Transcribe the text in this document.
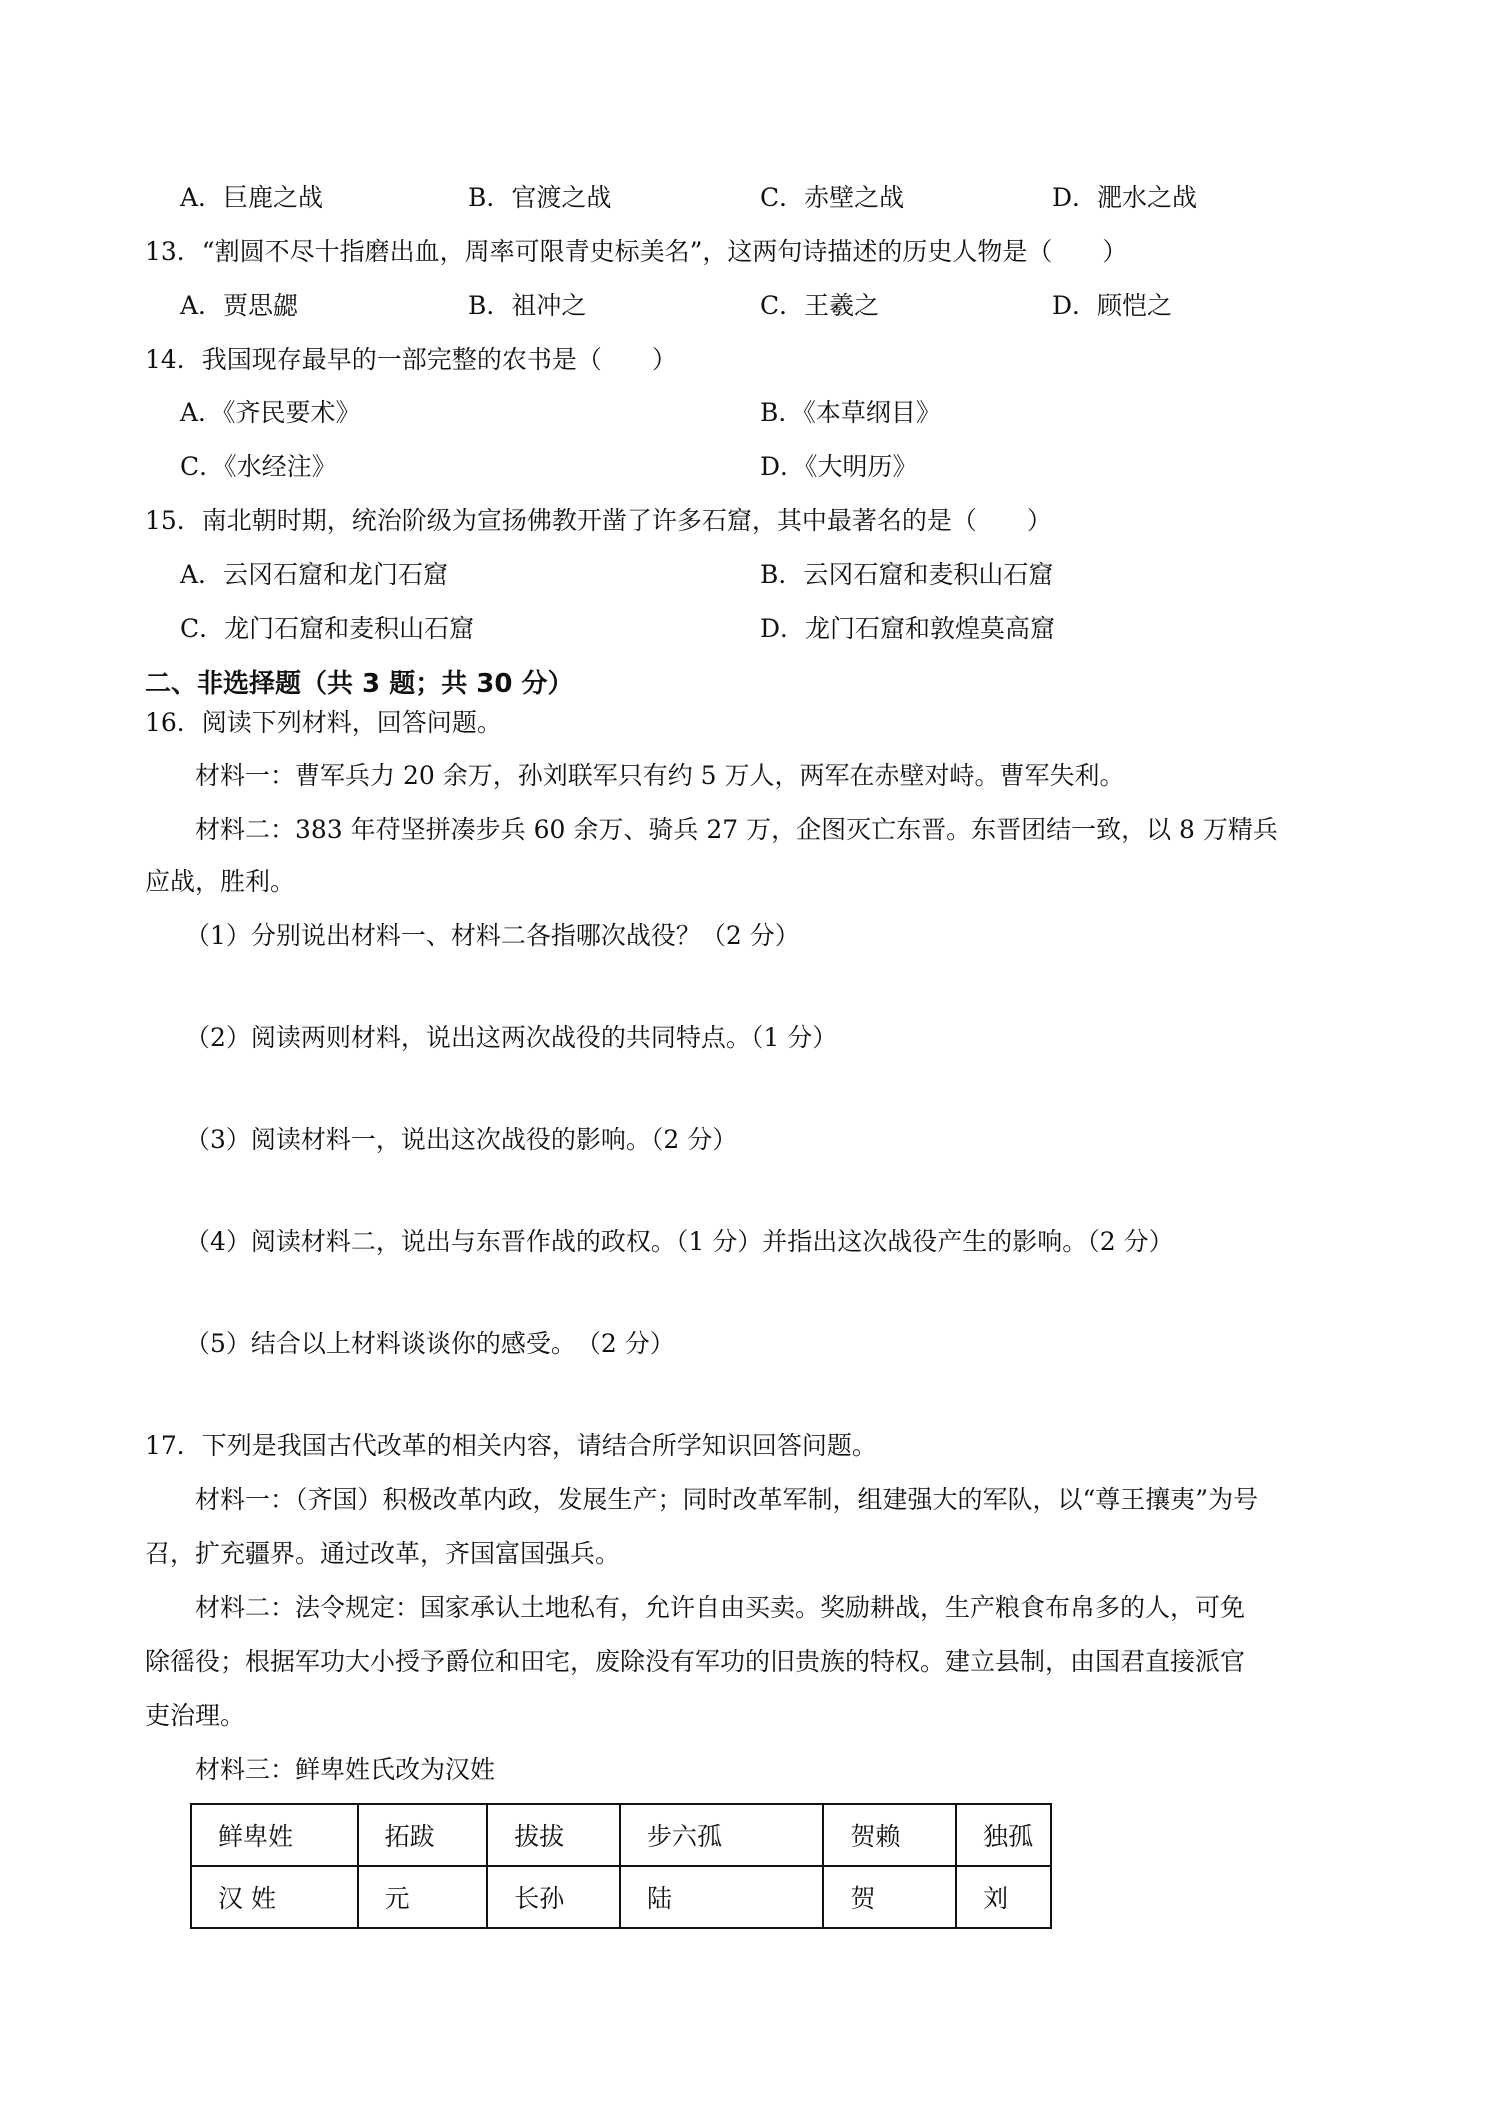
A．巨鹿之战	B．官渡之战	C．赤壁之战	D．淝水之战
13．“割圆不尽十指磨出血，周率可限青史标美名”，这两句诗描述的历史人物是（　　）
A．贾思勰	B．祖冲之	C．王羲之	D．顾恺之
14．我国现存最早的一部完整的农书是（　　）
A．《齐民要术》	B．《本草纲目》
C．《水经注》	D．《大明历》
15．南北朝时期，统治阶级为宣扬佛教开凿了许多石窟，其中最著名的是（　　）
A．云冈石窟和龙门石窟	B．云冈石窟和麦积山石窟
C．龙门石窟和麦积山石窟	D．龙门石窟和敦煌莫高窟
二、非选择题（共 3 题；共 30 分）
16．阅读下列材料，回答问题。
材料一：曹军兵力 20 余万，孙刘联军只有约 5 万人，两军在赤壁对峙。曹军失利。
材料二：383 年苻坚拼凑步兵 60 余万、骑兵 27 万，企图灭亡东晋。东晋团结一致，以 8 万精兵
应战，胜利。
（1）分别说出材料一、材料二各指哪次战役？（2 分）
（2）阅读两则材料，说出这两次战役的共同特点。（1 分）
（3）阅读材料一，说出这次战役的影响。（2 分）
（4）阅读材料二，说出与东晋作战的政权。（1 分）并指出这次战役产生的影响。（2 分）
（5）结合以上材料谈谈你的感受。　（2 分）
17．下列是我国古代改革的相关内容，请结合所学知识回答问题。
材料一：（齐国）积极改革内政，发展生产；同时改革军制，组建强大的军队，以“尊王攘夷”为号
召，扩充疆界。通过改革，齐国富国强兵。
材料二：法令规定：国家承认土地私有，允许自由买卖。奖励耕战，生产粮食布帛多的人，可免
除徭役；根据军功大小授予爵位和田宅，废除没有军功的旧贵族的特权。建立县制，由国君直接派官
吏治理。
材料三：鲜卑姓氏改为汉姓
鲜卑姓	拓跋	拔拔	步六孤	贺赖	独孤
汉 姓	元	长孙	陆	贺	刘
